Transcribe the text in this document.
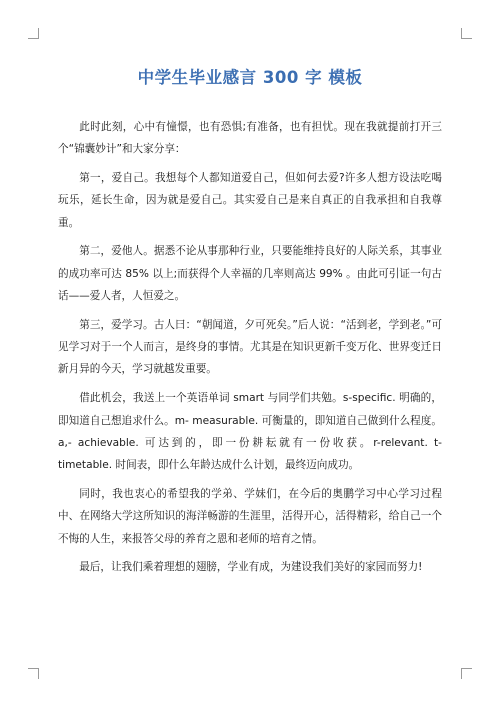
中学生毕业感言 300 字 模板

此时此刻，心中有憧憬，也有恐惧;有准备，也有担忧。现在我就提前打开三个“锦囊妙计”和大家分享：

第一，爱自己。我想每个人都知道爱自己，但如何去爱?许多人想方设法吃喝玩乐，延长生命，因为就是爱自己。其实爱自己是来自真正的自我承担和自我尊重。

第二，爱他人。据悉不论从事那种行业，只要能维持良好的人际关系，其事业的成功率可达 85% 以上;而获得个人幸福的几率则高达 99% 。由此可引证一句古话——爱人者，人恒爱之。

第三，爱学习。古人曰：“朝闻道，夕可死矣。”后人说：“活到老，学到老。”可见学习对于一个人而言，是终身的事情。尤其是在知识更新千变万化、世界变迁日新月异的今天，学习就越发重要。

借此机会，我送上一个英语单词 smart 与同学们共勉。s-specific. 明确的，即知道自己想追求什么。m- measurable. 可衡量的，即知道自己做到什么程度。a,- achievable. 可达到的，即一份耕耘就有一份收获。r-relevant. t- timetable. 时间表，即什么年龄达成什么计划，最终迈向成功。

同时，我也衷心的希望我的学弟、学妹们，在今后的奥鹏学习中心学习过程中、在网络大学这所知识的海洋畅游的生涯里，活得开心，活得精彩，给自己一个不悔的人生，来报答父母的养育之恩和老师的培育之情。

最后，让我们乘着理想的翅膀，学业有成，为建设我们美好的家园而努力!
